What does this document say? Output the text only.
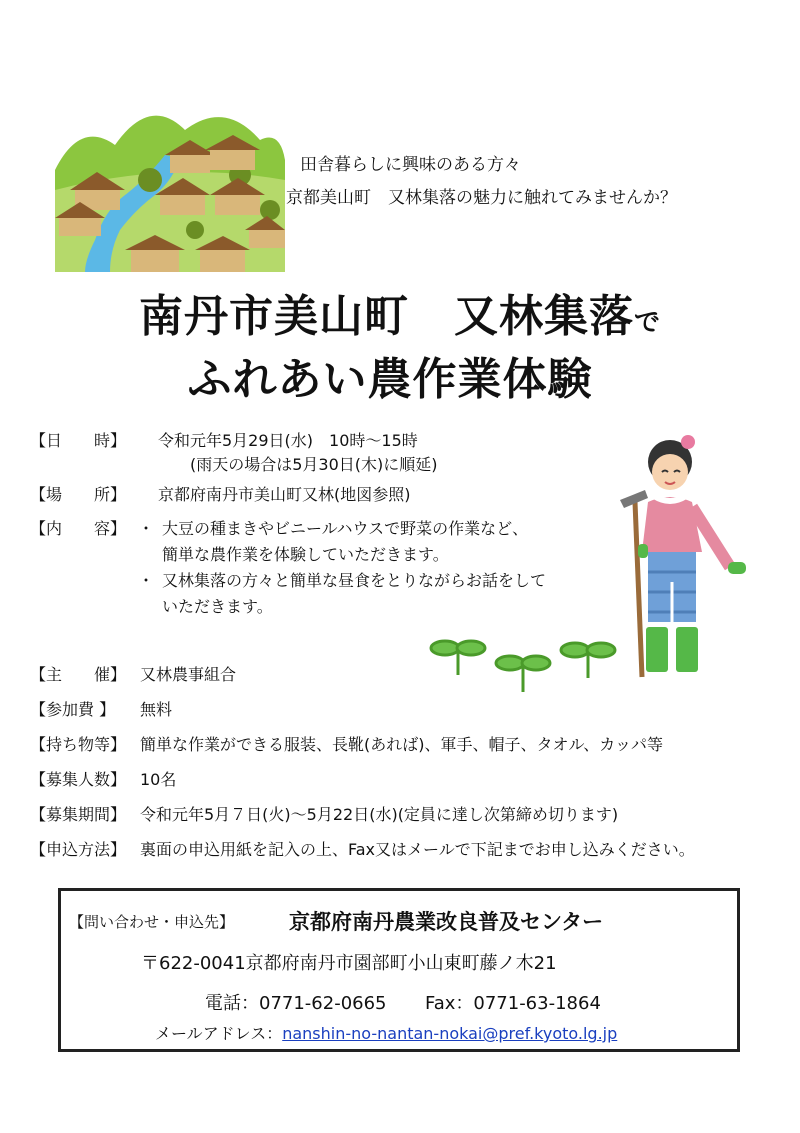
田舎暮らしに興味のある方々
京都美山町　又林集落の魅力に触れてみませんか？
南丹市美山町　又林集落で
ふれあい農作業体験
【日　　時】	令和元年5月29日(水)　10時～15時
(雨天の場合は5月30日(木)に順延)
【場　　所】	京都府南丹市美山町又林(地図参照)
【内　　容】 ・ 大豆の種まきやビニールハウスで野菜の作業など、
簡単な農作業を体験していただきます。
・ 又林集落の方々と簡単な昼食をとりながらお話をして
いただきます。
【主　　催】 又林農事組合
【参加費 】	無料
【持ち物等】 簡単な作業ができる服装、長靴(あれば)、軍手、帽子、タオル、カッパ等
【募集人数】 10名
【募集期間】 令和元年5月７日(火)～5月22日(水)(定員に達し次第締め切ります)
【申込方法】 裏面の申込用紙を記入の上、Fax又はメールで下記までお申し込みください。
【問い合わせ・申込先】	京都府南丹農業改良普及センター
〒622-0041京都府南丹市園部町小山東町藤ノ木21
電話：0771-62-0665 Fax：0771-63-1864
メールアドレス：nanshin-no-nantan-nokai@pref.kyoto.lg.jp
